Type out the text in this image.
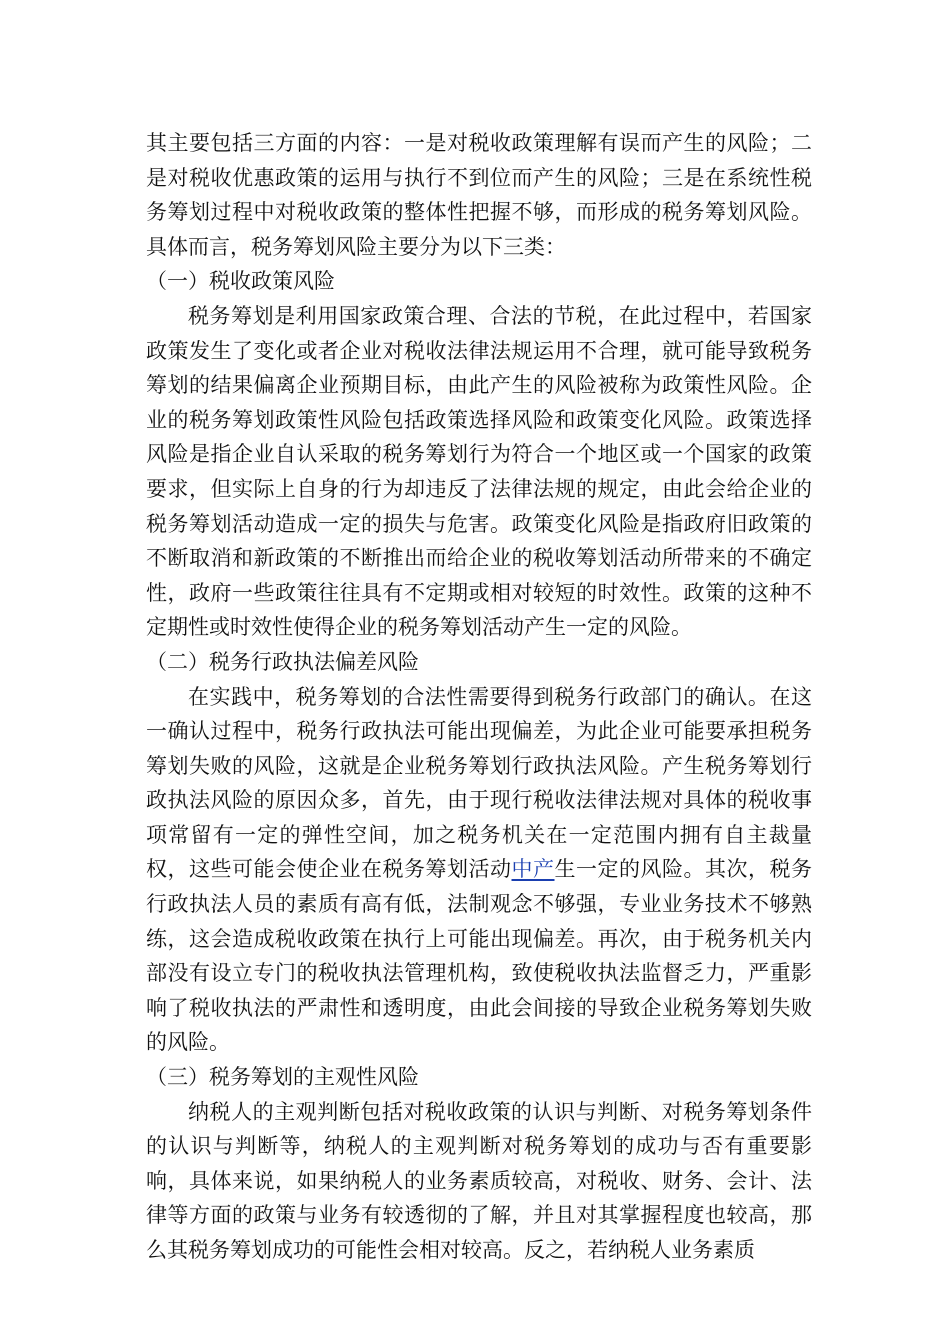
其主要包括三方面的内容：一是对税收政策理解有误而产生的风险；二是对税收优惠政策的运用与执行不到位而产生的风险；三是在系统性税务筹划过程中对税收政策的整体性把握不够，而形成的税务筹划风险。具体而言，税务筹划风险主要分为以下三类：

（一）税收政策风险

税务筹划是利用国家政策合理、合法的节税，在此过程中，若国家政策发生了变化或者企业对税收法律法规运用不合理，就可能导致税务筹划的结果偏离企业预期目标，由此产生的风险被称为政策性风险。企业的税务筹划政策性风险包括政策选择风险和政策变化风险。政策选择风险是指企业自认采取的税务筹划行为符合一个地区或一个国家的政策要求，但实际上自身的行为却违反了法律法规的规定，由此会给企业的税务筹划活动造成一定的损失与危害。政策变化风险是指政府旧政策的不断取消和新政策的不断推出而给企业的税收筹划活动所带来的不确定性，政府一些政策往往具有不定期或相对较短的时效性。政策的这种不定期性或时效性使得企业的税务筹划活动产生一定的风险。

（二）税务行政执法偏差风险

在实践中，税务筹划的合法性需要得到税务行政部门的确认。在这一确认过程中，税务行政执法可能出现偏差，为此企业可能要承担税务筹划失败的风险，这就是企业税务筹划行政执法风险。产生税务筹划行政执法风险的原因众多，首先，由于现行税收法律法规对具体的税收事项常留有一定的弹性空间，加之税务机关在一定范围内拥有自主裁量权，这些可能会使企业在税务筹划活动中产生一定的风险。其次，税务行政执法人员的素质有高有低，法制观念不够强，专业业务技术不够熟练，这会造成税收政策在执行上可能出现偏差。再次，由于税务机关内部没有设立专门的税收执法管理机构，致使税收执法监督乏力，严重影响了税收执法的严肃性和透明度，由此会间接的导致企业税务筹划失败的风险。

（三）税务筹划的主观性风险

纳税人的主观判断包括对税收政策的认识与判断、对税务筹划条件的认识与判断等，纳税人的主观判断对税务筹划的成功与否有重要影响，具体来说，如果纳税人的业务素质较高，对税收、财务、会计、法律等方面的政策与业务有较透彻的了解，并且对其掌握程度也较高，那么其税务筹划成功的可能性会相对较高。反之，若纳税人业务素质
